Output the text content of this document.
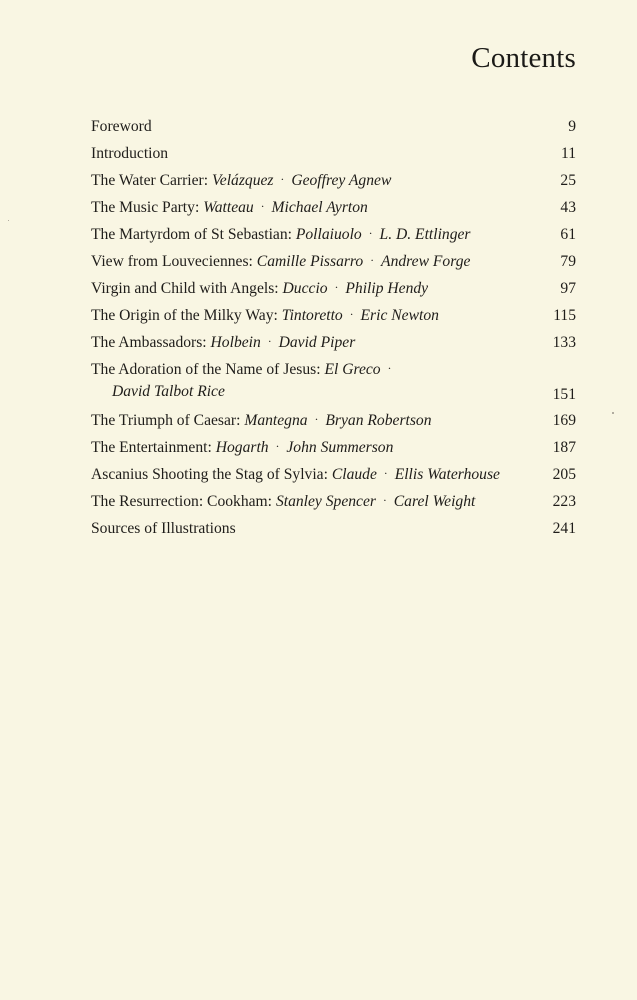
Contents
Foreword	9
Introduction	11
The Water Carrier: Velázquez · Geoffrey Agnew	25
The Music Party: Watteau · Michael Ayrton	43
The Martyrdom of St Sebastian: Pollaiuolo · L. D. Ettlinger	61
View from Louveciennes: Camille Pissarro · Andrew Forge	79
Virgin and Child with Angels: Duccio · Philip Hendy	97
The Origin of the Milky Way: Tintoretto · Eric Newton	115
The Ambassadors: Holbein · David Piper	133
The Adoration of the Name of Jesus: El Greco ·
David Talbot Rice	151
The Triumph of Caesar: Mantegna · Bryan Robertson	169
The Entertainment: Hogarth · John Summerson	187
Ascanius Shooting the Stag of Sylvia: Claude · Ellis Waterhouse	205
The Resurrection: Cookham: Stanley Spencer · Carel Weight	223
Sources of Illustrations	241
